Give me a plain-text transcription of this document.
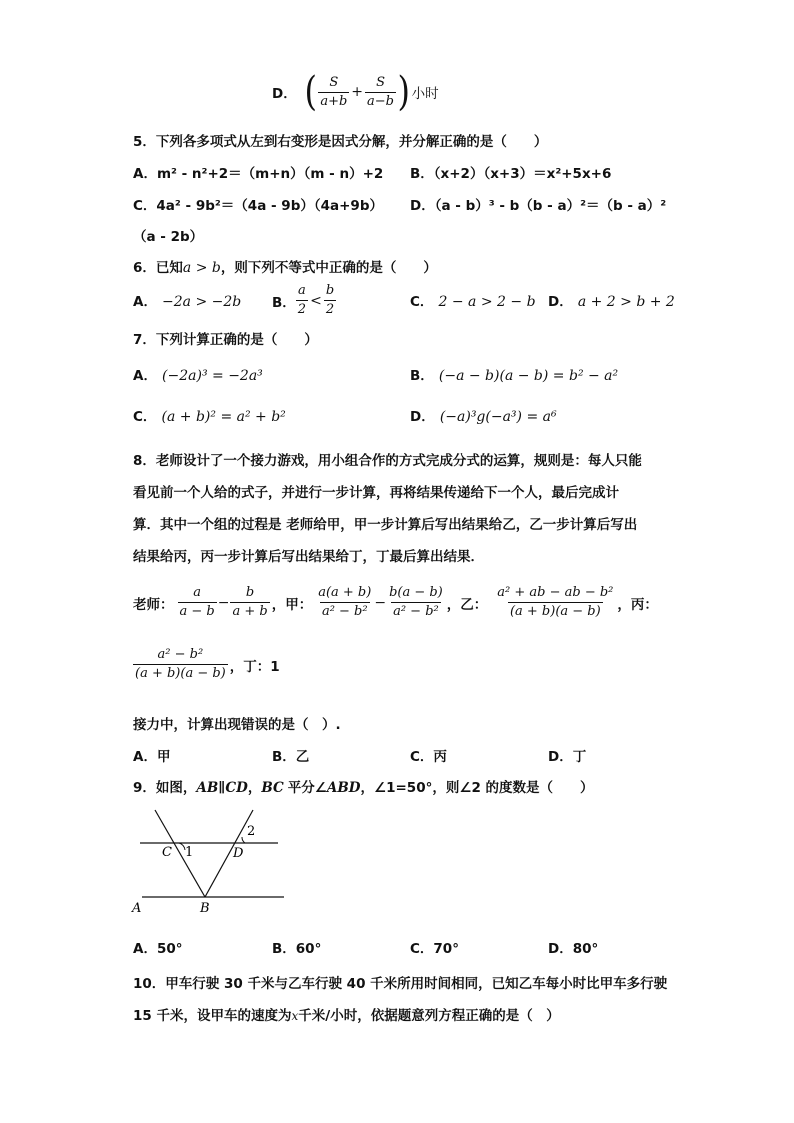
D． ( $\frac{S}{a+b} + \frac{S}{a-b}$ ) 小时
5．下列各多项式从左到右变形是因式分解，并分解正确的是（　　）
A．m² - n²+2＝（m+n）（m - n）+2 B．（x+2）（x+3）＝x²+5x+6
C．4a² - 9b²＝（4a - 9b）（4a+9b） D．（a - b）³ - b（b - a）²＝（b - a）²
（a - 2b）
6．已知a > b，则下列不等式中正确的是（　　）
A． −2a > −2b B． $\frac{a}{2} < \frac{b}{2}$	C． 2 − a > 2 − b D． a + 2 > b + 2
7．下列计算正确的是（　　）
A． (−2a)³ = −2a³	B． (−a − b)(a − b) = b² − a²
C． (a + b)² = a² + b²	D． (−a)³g(−a³) = a⁶
8．老师设计了一个接力游戏，用小组合作的方式完成分式的运算，规则是：每人只能
看见前一个人给的式子，并进行一步计算，再将结果传递给下一个人，最后完成计
算．其中一个组的过程是 老师给甲，甲一步计算后写出结果给乙，乙一步计算后写出
结果给丙，丙一步计算后写出结果给丁，丁最后算出结果．
老师： $\frac{a}{a - b} - \frac{b}{a + b}$ ，甲： $\frac{a(a + b)}{\text{a² − b²}} - \frac{b(a - b)}{\text{a² − b²}}$ ，乙： $\frac{\text{a² + ab − ab − b²}}{(a + b)(a - b)}$ ，丙：
$\frac{\text{a² − b²}}{(a + b)(a - b)}$ ，丁：1
接力中，计算出现错误的是（　）.
A．甲	B．乙	C．丙	D．丁
9．如图，AB∥CD，BC 平分∠ABD，∠1=50°，则∠2 的度数是（　　）
C 1	D
2
A	B
A．50°	B．60°	C．70°	D．80°
10．甲车行驶 30 千米与乙车行驶 40 千米所用时间相同，已知乙车每小时比甲车多行驶
15 千米，设甲车的速度为x千米/小时，依据题意列方程正确的是（　）
